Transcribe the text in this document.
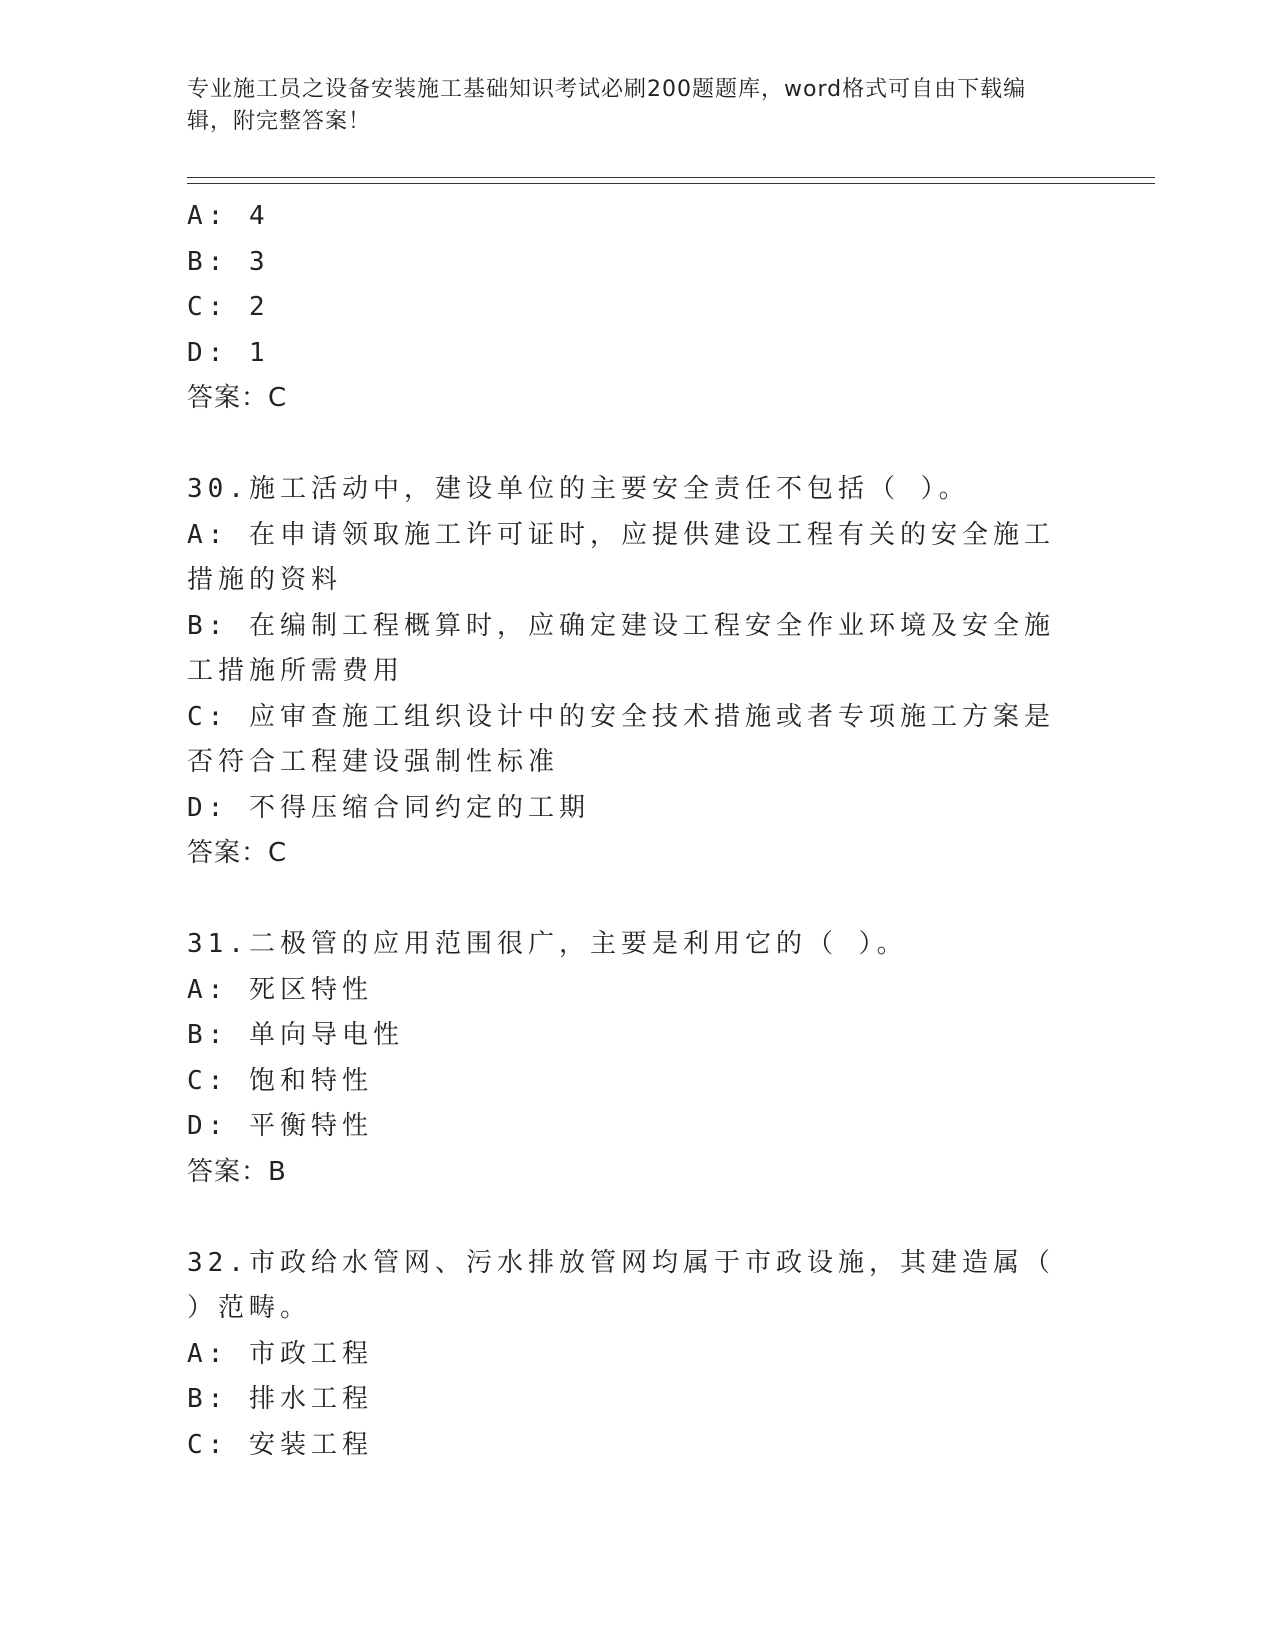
专业施工员之设备安装施工基础知识考试必刷200题题库，word格式可自由下载编辑，附完整答案！
A: 4
B: 3
C: 2
D: 1
答案：C
30.施工活动中，建设单位的主要安全责任不包括（ ）。
A: 在申请领取施工许可证时，应提供建设工程有关的安全施工措施的资料
B: 在编制工程概算时，应确定建设工程安全作业环境及安全施工措施所需费用
C: 应审查施工组织设计中的安全技术措施或者专项施工方案是否符合工程建设强制性标准
D: 不得压缩合同约定的工期
答案：C
31.二极管的应用范围很广，主要是利用它的（ ）。
A: 死区特性
B: 单向导电性
C: 饱和特性
D: 平衡特性
答案：B
32.市政给水管网、污水排放管网均属于市政设施，其建造属（ ）范畴。
A: 市政工程
B: 排水工程
C: 安装工程
